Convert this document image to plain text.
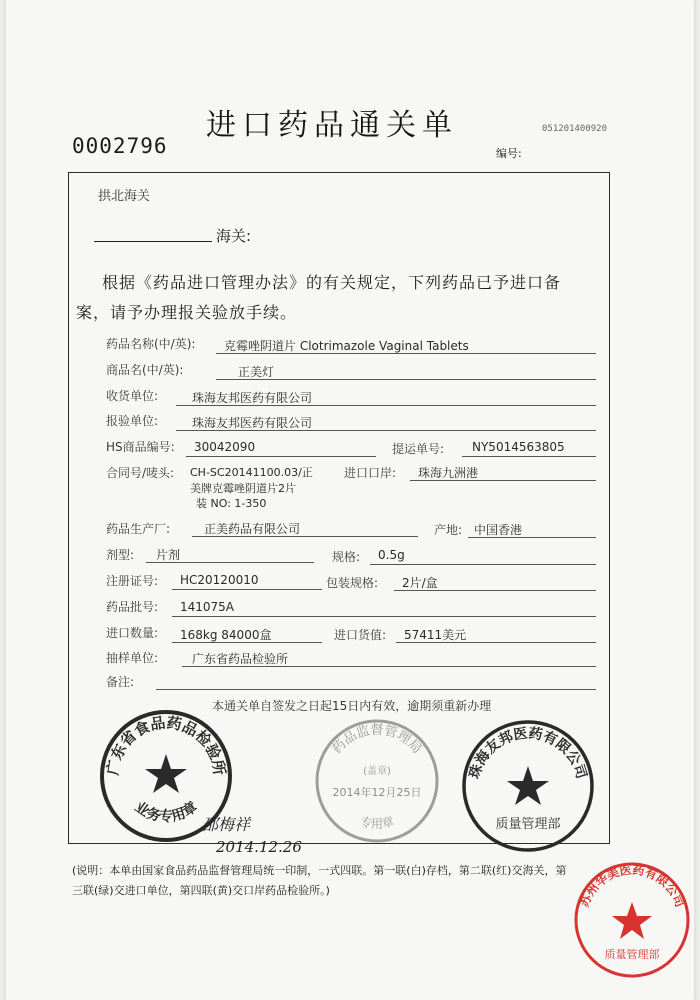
进口药品通关单
0002796
051201400920
编号:
拱北海关
海关:
根据《药品进口管理办法》的有关规定，下列药品已予进口备
案，请予办理报关验放手续。
药品名称(中/英): 克霉唑阴道片 Clotrimazole Vaginal Tablets
商品名(中/英):	正美灯
收货单位:	珠海友邦医药有限公司
报验单位:	珠海友邦医药有限公司
HS商品编号: 30042090	提运单号: NY5014563805
合同号/唛头: CH-SC20141100.03/正
美牌克霉唑阴道片2片
装 NO: 1-350
进口口岸: 珠海九洲港
药品生产厂:	正美药品有限公司	产地: 中国香港
剂型: 片剂	规格: 0.5g
注册证号: HC20120010	包装规格: 2片/盒
药品批号: 141075A
进口数量: 168kg 84000盒	进口货值: 57411美元
抽样单位:	广东省药品检验所
备注:
本通关单自签发之日起15日内有效，逾期须重新办理
广东省食品药品检验所
业务专用章
药品监督管理局
(盖章)
2014年12月25日
专用章
珠海友邦医药有限公司
质量管理部
邵梅祥
2014.12.26
(说明：本单由国家食品药品监督管理局统一印制，一式四联。第一联(白)存档，第二联(红)交海关，第
三联(绿)交进口单位，第四联(黄)交口岸药品检验所。)
苏州华美医药有限公司
质量管理部
